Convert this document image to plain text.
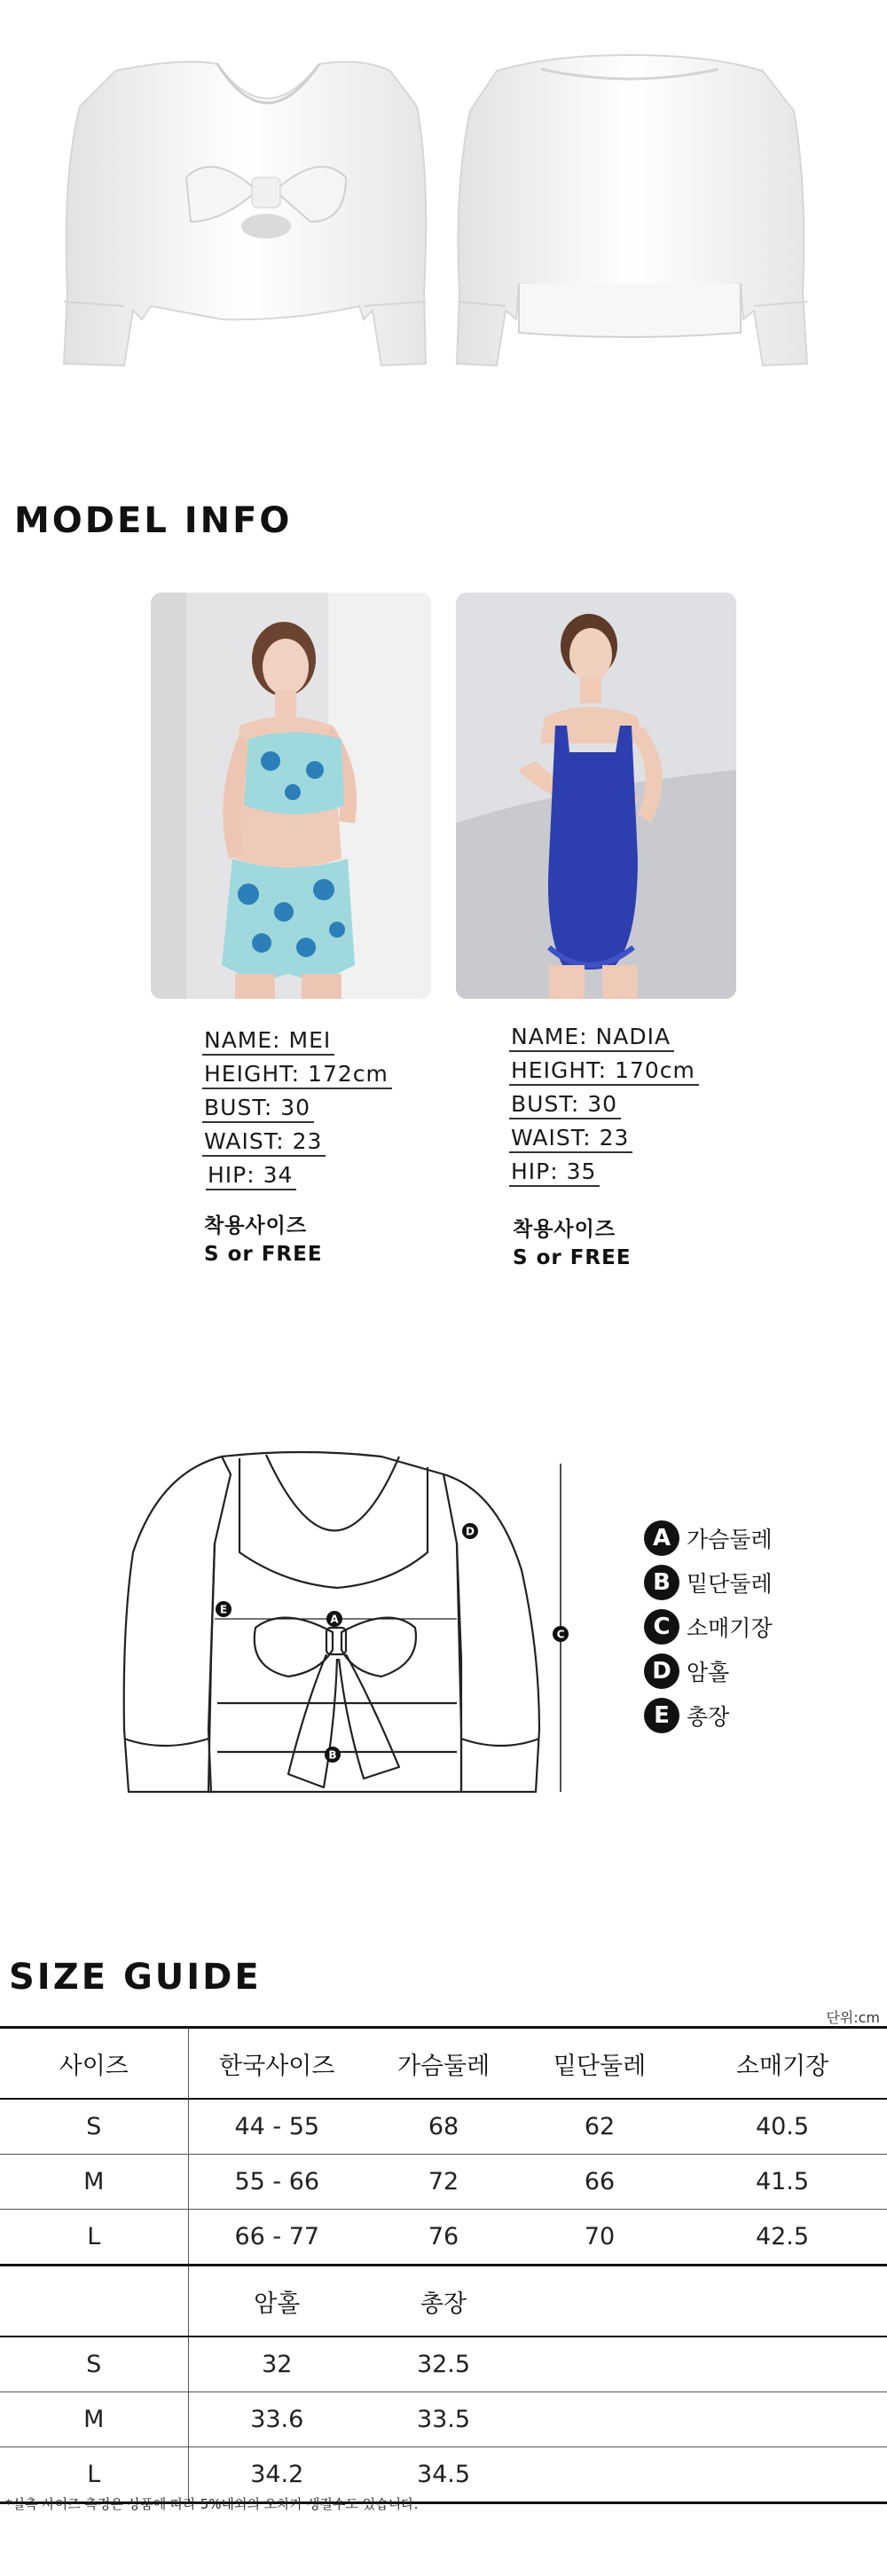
MODEL INFO
NAME: MEI
HEIGHT: 172cm
BUST: 30
WAIST: 23
HIP: 34
착용사이즈
S or FREE
NAME: NADIA
HEIGHT: 170cm
BUST: 30
WAIST: 23
HIP: 35
착용사이즈
S or FREE
A
B
C
D
E
A 가슴둘레
B 밑단둘레
C 소매기장
D 암홀
E 총장
SIZE GUIDE
단위:cm
사이즈	한국사이즈	가슴둘레	밑단둘레	소매기장
S	44 - 55	68	62	40.5
M	55 - 66	72	66	41.5
L	66 - 77	76	70	42.5
	암홀	총장		
S	32	32.5		
M	33.6	33.5		
L	34.2	34.5		
*실측 사이즈 측정은 상품에 따라 5%내외의 오차가 생길수도 있습니다.
